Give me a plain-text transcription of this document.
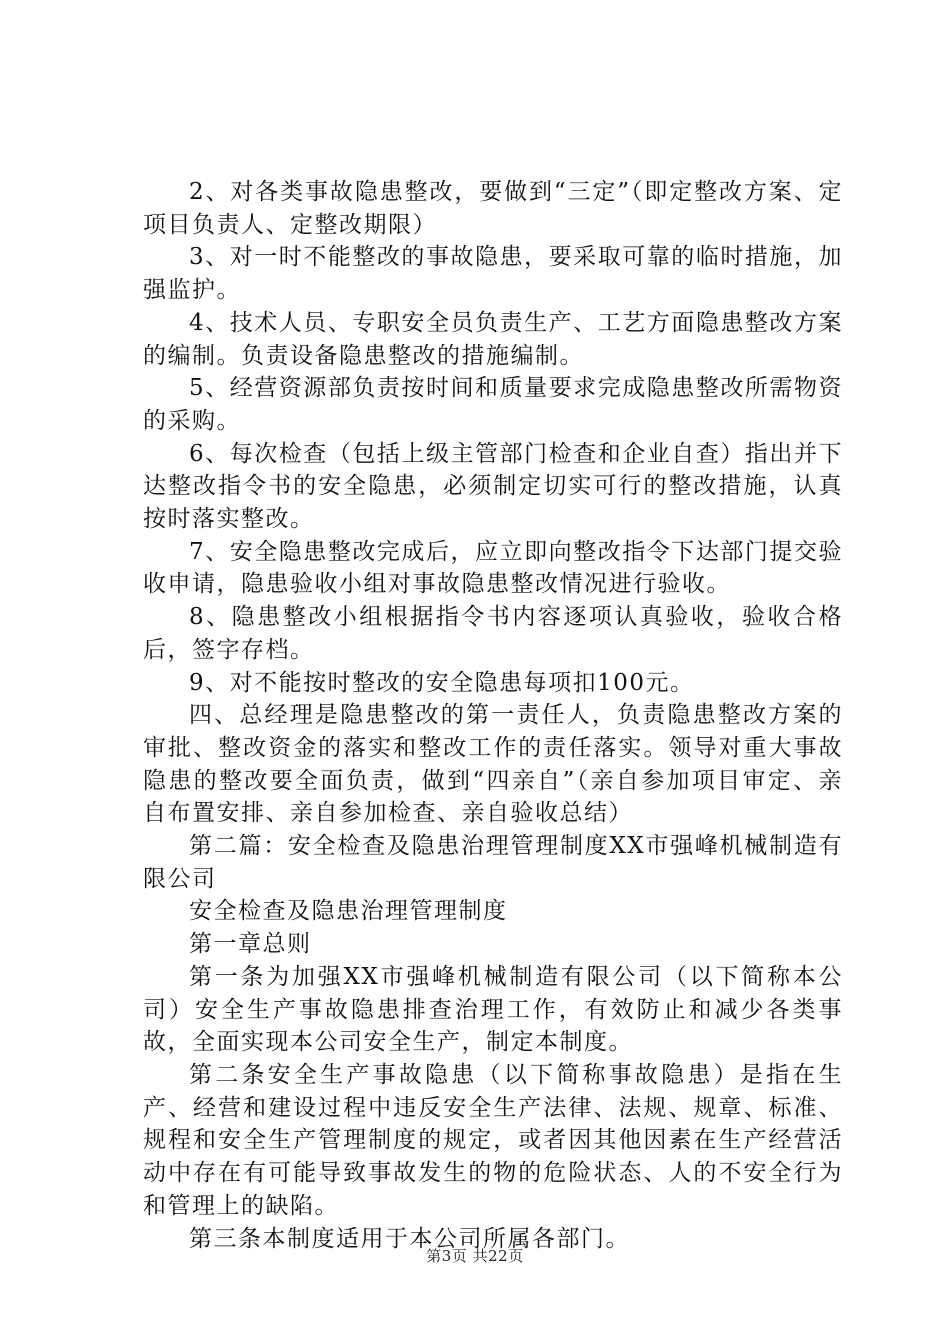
2、对各类事故隐患整改，要做到“三定”（即定整改方案、定项目负责人、定整改期限）

3、对一时不能整改的事故隐患，要采取可靠的临时措施，加强监护。

4、技术人员、专职安全员负责生产、工艺方面隐患整改方案的编制。负责设备隐患整改的措施编制。

5、经营资源部负责按时间和质量要求完成隐患整改所需物资的采购。

6、每次检查（包括上级主管部门检查和企业自查）指出并下达整改指令书的安全隐患，必须制定切实可行的整改措施，认真按时落实整改。

7、安全隐患整改完成后，应立即向整改指令下达部门提交验收申请，隐患验收小组对事故隐患整改情况进行验收。

8、隐患整改小组根据指令书内容逐项认真验收，验收合格后，签字存档。

9、对不能按时整改的安全隐患每项扣100元。

四、总经理是隐患整改的第一责任人，负责隐患整改方案的审批、整改资金的落实和整改工作的责任落实。领导对重大事故隐患的整改要全面负责，做到“四亲自”（亲自参加项目审定、亲自布置安排、亲自参加检查、亲自验收总结）

第二篇：安全检查及隐患治理管理制度XX市强峰机械制造有限公司

安全检查及隐患治理管理制度

第一章总则

第一条为加强XX市强峰机械制造有限公司（以下简称本公司）安全生产事故隐患排查治理工作，有效防止和减少各类事故，全面实现本公司安全生产，制定本制度。

第二条安全生产事故隐患（以下简称事故隐患）是指在生产、经营和建设过程中违反安全生产法律、法规、规章、标准、规程和安全生产管理制度的规定，或者因其他因素在生产经营活动中存在有可能导致事故发生的物的危险状态、人的不安全行为和管理上的缺陷。

第三条本制度适用于本公司所属各部门。

第3页 共22页
